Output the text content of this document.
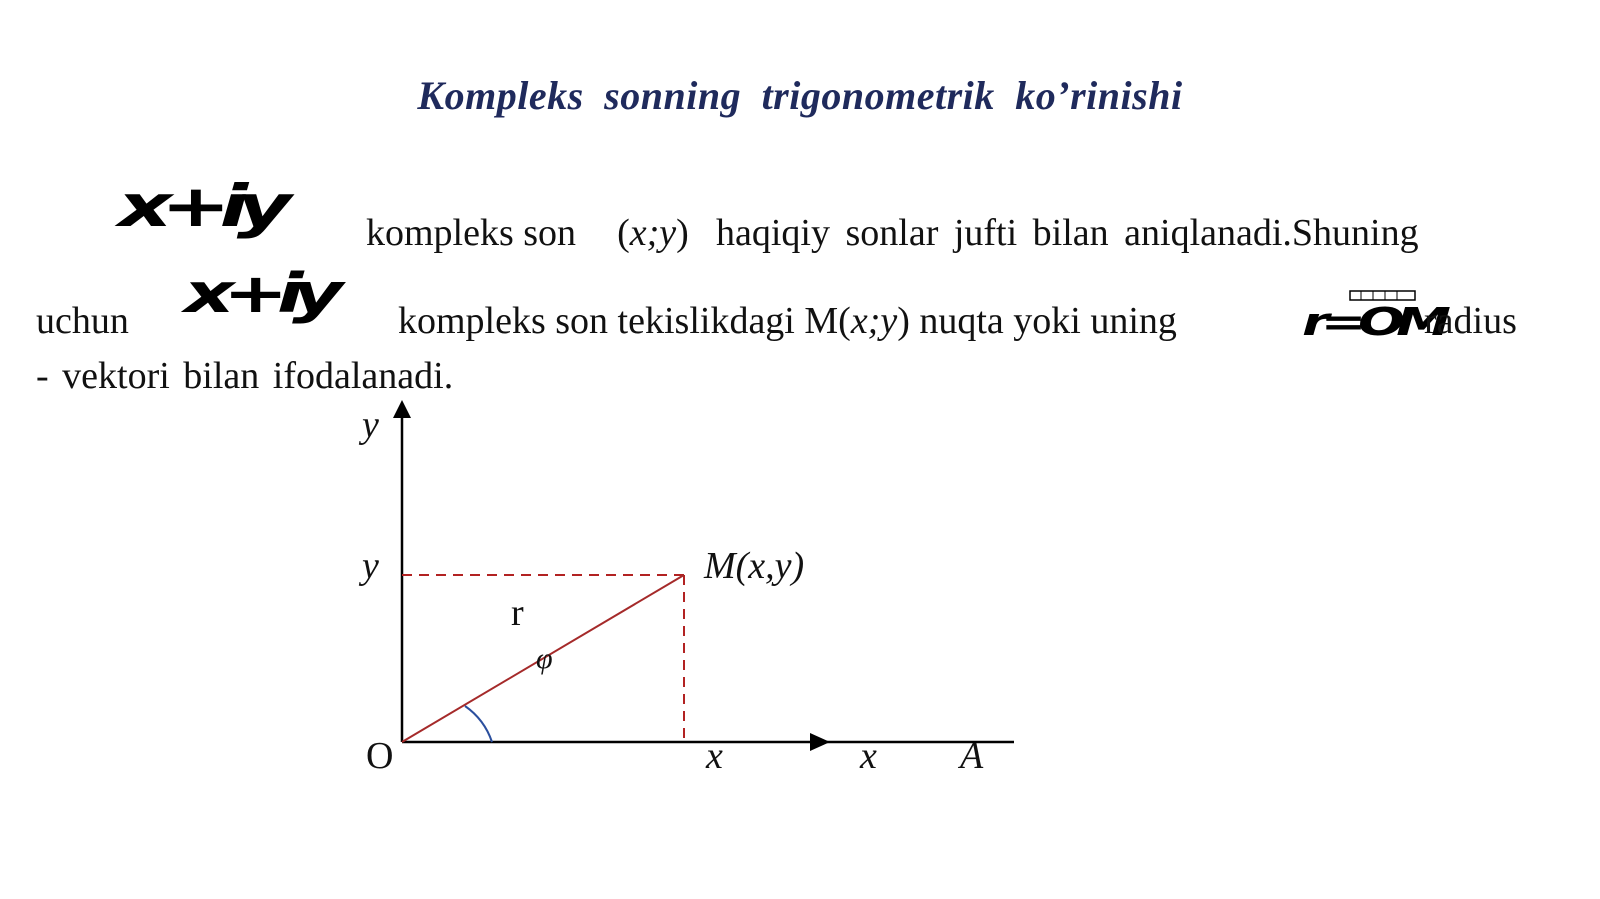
Kompleks sonning trigonometrik ko’rinishi
x+iy kompleks son (x;y) haqiqiy sonlar jufti bilan aniqlanadi.Shuning
uchun x+iy kompleks son tekislikdagi M(x;y) nuqta yoki uning	r=OM
radius
- vektori bilan ifodalanadi.
y
y	M(x,y)
r
φ
O	x	x A
